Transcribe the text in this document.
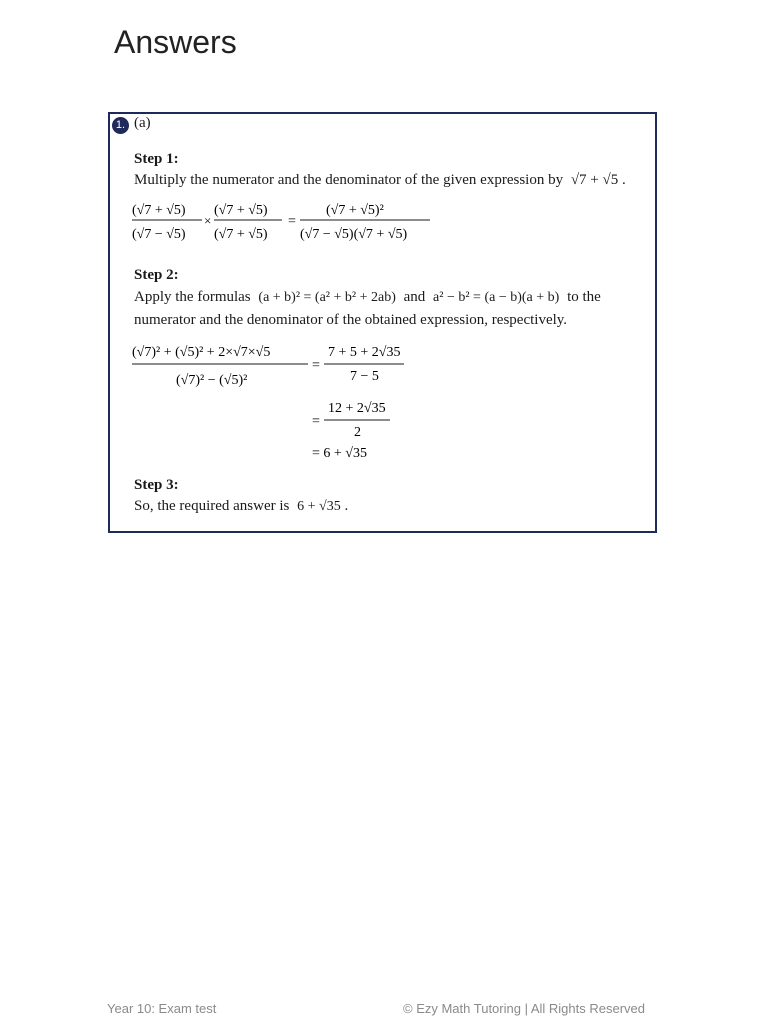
Answers
1. (a)
Step 1:
Multiply the numerator and the denominator of the given expression by √7 + √5 .
(√7 + √5)
(√7 − √5)
×
(√7 + √5)
(√7 + √5)
=
(√7 + √5)²
(√7 − √5)(√7 + √5)
Step 2:
Apply the formulas (a + b)² = (a² + b² + 2ab) and a² − b² = (a − b)(a + b) to the
numerator and the denominator of the obtained expression, respectively.
(√7)² + (√5)² + 2×√7×√5
(√7)² − (√5)²
=
7 + 5 + 2√35
7 − 5
=
12 + 2√35
2
= 6 + √35
Step 3:
So, the required answer is 6 + √35 .
Year 10: Exam test	© Ezy Math Tutoring | All Rights Reserved
